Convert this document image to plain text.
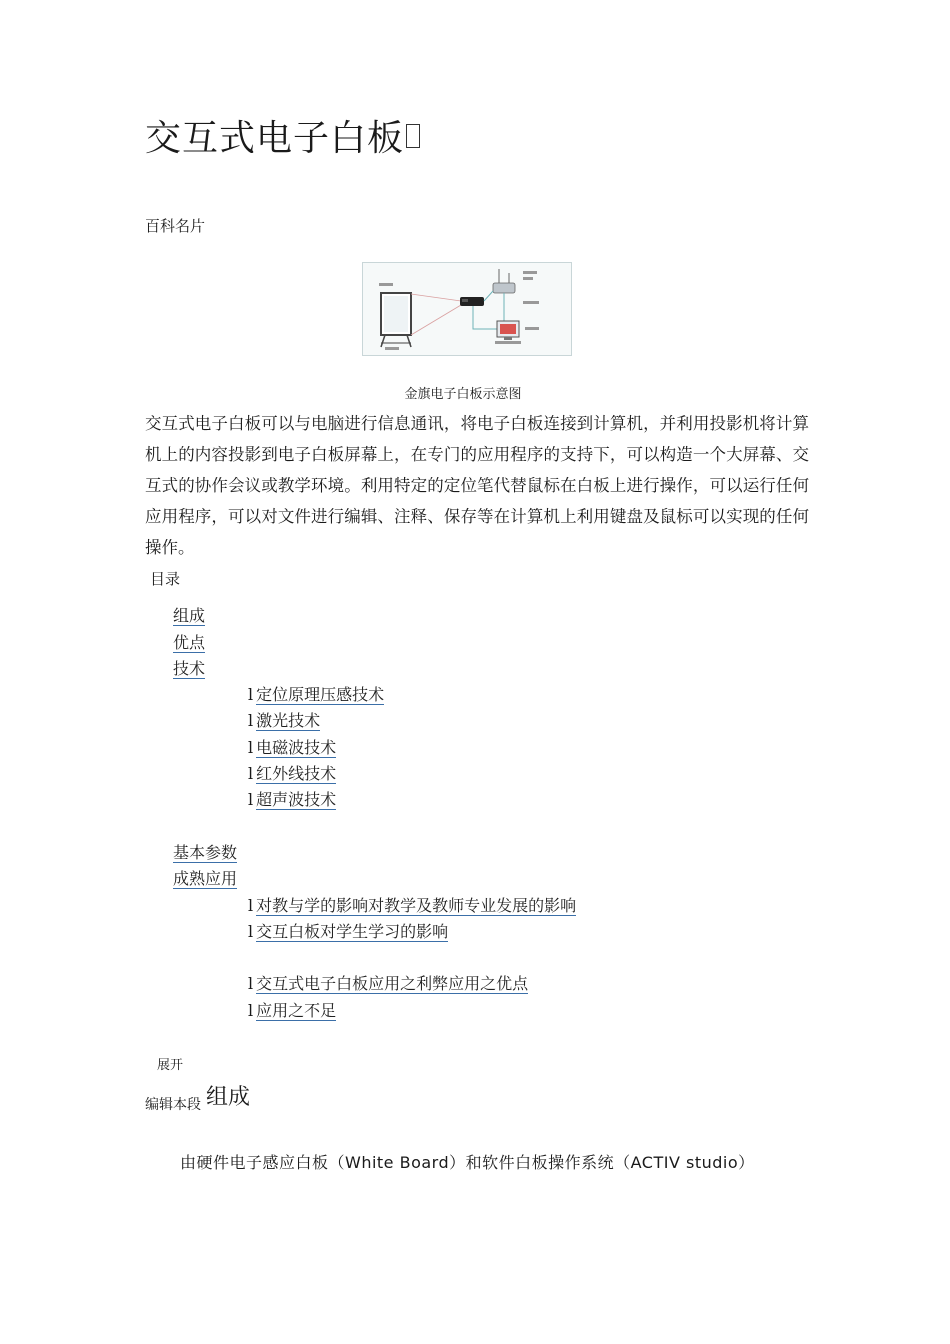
交互式电子白板
百科名片
金旗电子白板示意图
交互式电子白板可以与电脑进行信息通讯，将电子白板连接到计算机，并利用投影机将计算机上的内容投影到电子白板屏幕上，在专门的应用程序的支持下，可以构造一个大屏幕、交互式的协作会议或教学环境。利用特定的定位笔代替鼠标在白板上进行操作，可以运行任何应用程序，可以对文件进行编辑、注释、保存等在计算机上利用键盘及鼠标可以实现的任何操作。
目录
组成
优点
技术
l 定位原理压感技术
l 激光技术
l 电磁波技术
l 红外线技术
l 超声波技术
基本参数
成熟应用
l 对教与学的影响对教学及教师专业发展的影响
l 交互白板对学生学习的影响
l 交互式电子白板应用之利弊应用之优点
l 应用之不足
展开
编辑本段 组成
由硬件电子感应白板（White Board）和软件白板操作系统（ACTIV studio）
